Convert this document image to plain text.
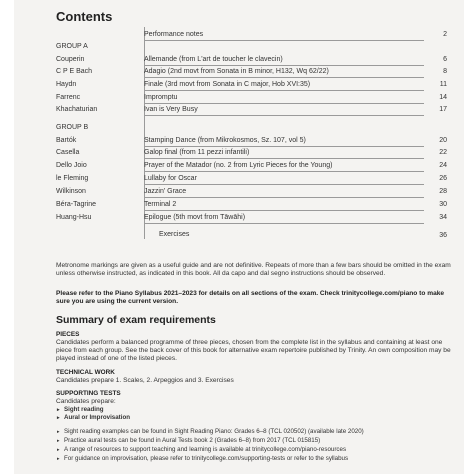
Contents
Performance notes	2
GROUP A
Couperin	Allemande (from L'art de toucher le clavecin)	6
C P E Bach	Adagio (2nd movt from Sonata in B minor, H132, Wq 62/22)	8
Haydn	Finale (3rd movt from Sonata in C major, Hob XVI:35)	11
Farrenc	Impromptu	14
Khachaturian	Ivan is Very Busy	17
GROUP B
Bartók	Stamping Dance (from Mikrokosmos, Sz. 107, vol 5)	20
Casella	Galop final (from 11 pezzi infantili)	22
Dello Joio	Prayer of the Matador (no. 2 from Lyric Pieces for the Young)	24
le Fleming	Lullaby for Oscar	26
Wilkinson	Jazzin' Grace	28
Béra-Tagrine	Terminal 2	30
Huang-Hsu	Epilogue (5th movt from Tāwāhi)	34
Exercises	36
Metronome markings are given as a useful guide and are not definitive. Repeats of more than a few bars should be omitted in the exam unless otherwise instructed, as indicated in this book. All da capo and dal segno instructions should be observed.
Please refer to the Piano Syllabus 2021–2023 for details on all sections of the exam. Check trinitycollege.com/piano to make sure you are using the current version.
Summary of exam requirements
PIECES
Candidates perform a balanced programme of three pieces, chosen from the complete list in the syllabus and containing at least one piece from each group. See the back cover of this book for alternative exam repertoire published by Trinity. An own composition may be played instead of one of the listed pieces.
TECHNICAL WORK
Candidates prepare 1. Scales, 2. Arpeggios and 3. Exercises
SUPPORTING TESTS
Candidates prepare:
▸ Sight reading
▸ Aural or Improvisation
▸ Sight reading examples can be found in Sight Reading Piano: Grades 6–8 (TCL 020502) (available late 2020)
▸ Practice aural tests can be found in Aural Tests book 2 (Grades 6–8) from 2017 (TCL 015815)
▸ A range of resources to support teaching and learning is available at trinitycollege.com/piano-resources
▸ For guidance on improvisation, please refer to trinitycollege.com/supporting-tests or refer to the syllabus
